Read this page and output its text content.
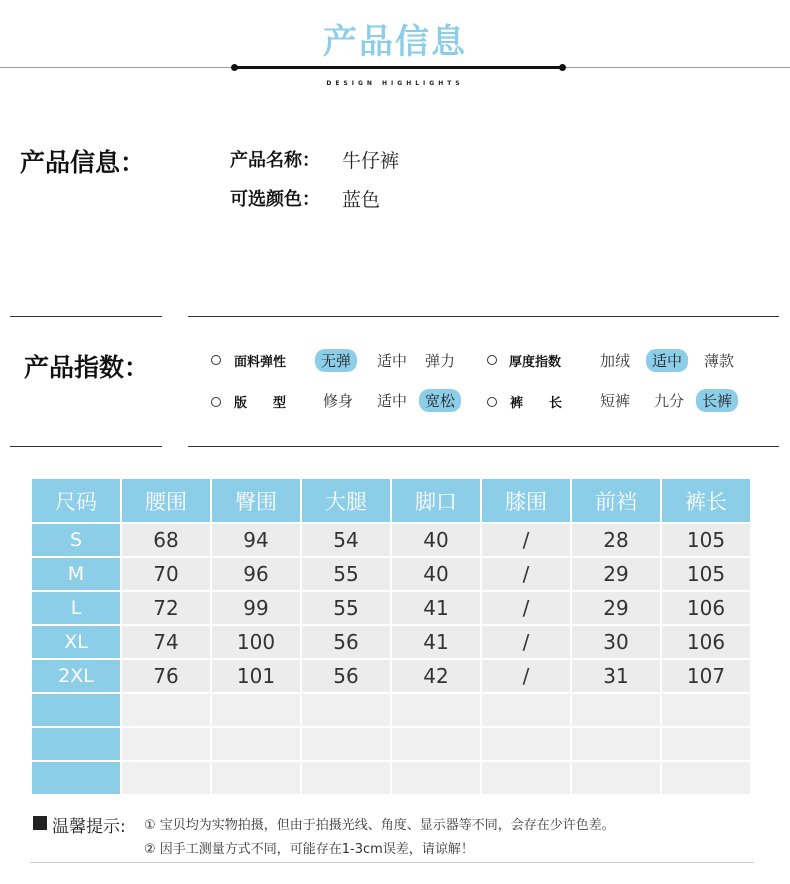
产品信息
DESIGN HIGHLIGHTS
产品信息：	产品名称： 牛仔裤
可选颜色： 蓝色
产品指数：	面料弹性	无弹	适中 弹力	厚度指数	加绒	适中	薄款
版　　型 修身 适中	宽松	裤　　长	短裤 九分	长裤
尺码	腰围	臀围	大腿	脚口	膝围	前裆	裤长
S	68	94	54	40	/	28	105
M	70	96	55	40	/	29	105
L	72	99	55	41	/	29	106
XL	74	100	56	41	/	30	106
2XL	76	101	56	42	/	31	107

温馨提示: ① 宝贝均为实物拍摄，但由于拍摄光线、角度、显示器等不同，会存在少许色差。
② 因手工测量方式不同，可能存在1-3cm误差，请谅解！
